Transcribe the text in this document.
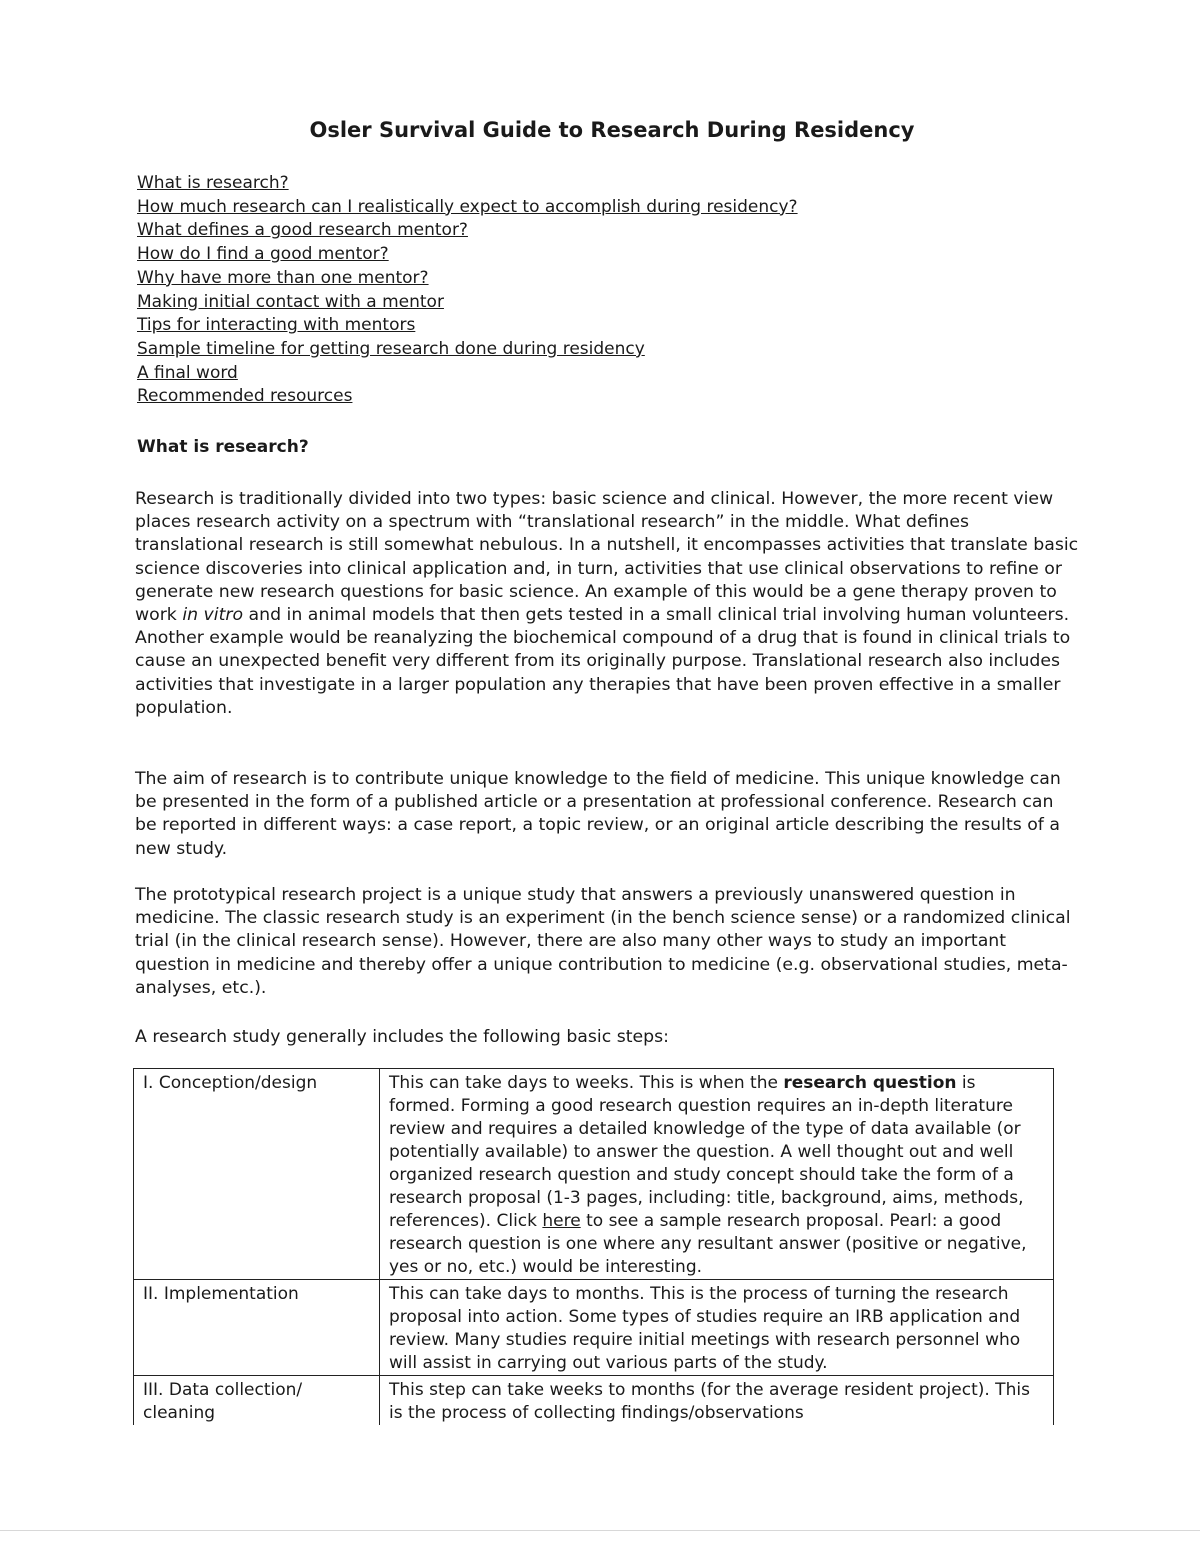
Osler Survival Guide to Research During Residency
What is research?
How much research can I realistically expect to accomplish during residency?
What defines a good research mentor?
How do I find a good mentor?
Why have more than one mentor?
Making initial contact with a mentor
Tips for interacting with mentors
Sample timeline for getting research done during residency
A final word
Recommended resources
What is research?

Research is traditionally divided into two types: basic science and clinical. However, the more recent view places research activity on a spectrum with “translational research” in the middle. What defines translational research is still somewhat nebulous. In a nutshell, it encompasses activities that translate basic science discoveries into clinical application and, in turn, activities that use clinical observations to refine or generate new research questions for basic science. An example of this would be a gene therapy proven to work in vitro and in animal models that then gets tested in a small clinical trial involving human volunteers. Another example would be reanalyzing the biochemical compound of a drug that is found in clinical trials to cause an unexpected benefit very different from its originally purpose. Translational research also includes activities that investigate in a larger population any therapies that have been proven effective in a smaller population.

The aim of research is to contribute unique knowledge to the field of medicine. This unique knowledge can be presented in the form of a published article or a presentation at professional conference. Research can be reported in different ways: a case report, a topic review, or an original article describing the results of a new study.

The prototypical research project is a unique study that answers a previously unanswered question in medicine. The classic research study is an experiment (in the bench science sense) or a randomized clinical trial (in the clinical research sense). However, there are also many other ways to study an important question in medicine and thereby offer a unique contribution to medicine (e.g. observational studies, meta-analyses, etc.).

A research study generally includes the following basic steps:

I. Conception/design	This can take days to weeks. This is when the research question is formed. Forming a good research question requires an in-depth literature review and requires a detailed knowledge of the type of data available (or potentially available) to answer the question. A well thought out and well organized research question and study concept should take the form of a research proposal (1-3 pages, including: title, background, aims, methods, references). Click here to see a sample research proposal. Pearl: a good research question is one where any resultant answer (positive or negative, yes or no, etc.) would be interesting.
II. Implementation	This can take days to months. This is the process of turning the research proposal into action. Some types of studies require an IRB application and review. Many studies require initial meetings with research personnel who will assist in carrying out various parts of the study.
III. Data collection/ cleaning	This step can take weeks to months (for the average resident project). This is the process of collecting findings/observations
